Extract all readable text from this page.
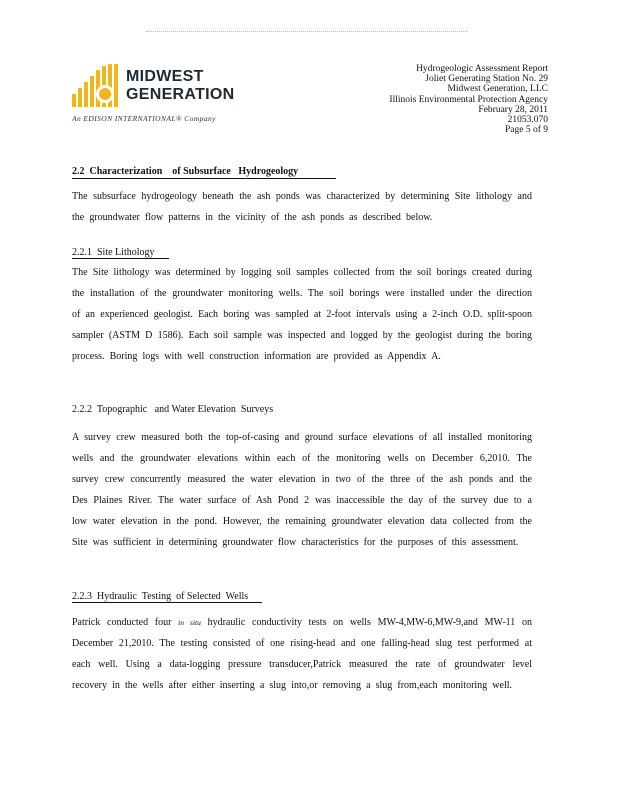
MIDWEST
GENERATION
An EDISON INTERNATIONAL® Company
Hydrogeologic Assessment Report
Joliet Generating Station No. 29
Midwest Generation, LLC
Illinois Environmental Protection Agency
February 28, 2011
21053.070
Page 5 of 9
2.2  Characterization    of Subsurface   Hydrogeology

The subsurface hydrogeology beneath the ash ponds was characterized by determining Site lithology and the groundwater flow patterns in the vicinity of the ash ponds as described below.

2.2.1  Site Lithology

The Site lithology was determined by logging soil samples collected from the soil borings created during the installation of the groundwater monitoring wells. The soil borings were installed under the direction of an experienced geologist. Each boring was sampled at 2-foot intervals using a 2-inch O.D. split-spoon sampler (ASTM D 1586). Each soil sample was inspected and logged by the geologist during the boring process. Boring logs with well construction information are provided as Appendix A.

2.2.2  Topographic   and Water Elevation  Surveys

A survey crew measured both the top-of-casing and ground surface elevations of all installed monitoring wells and the groundwater elevations within each of the monitoring wells on December 6,2010. The survey crew concurrently measured the water elevation in two of the three of the ash ponds and the Des Plaines River. The water surface of Ash Pond 2 was inaccessible the day of the survey due to a low water elevation in the pond. However, the remaining groundwater elevation data collected from the Site was sufficient in determining groundwater flow characteristics for the purposes of this assessment.

2.2.3  Hydraulic  Testing  of Selected  Wells

Patrick conducted four in situ hydraulic conductivity tests on wells MW-4,MW-6,MW-9,and MW-11 on December 21,2010. The testing consisted of one rising-head and one falling-head slug test performed at each well. Using a data-logging pressure transducer,Patrick measured the rate of groundwater level recovery in the wells after either inserting a slug into,or removing a slug from,each monitoring well.
